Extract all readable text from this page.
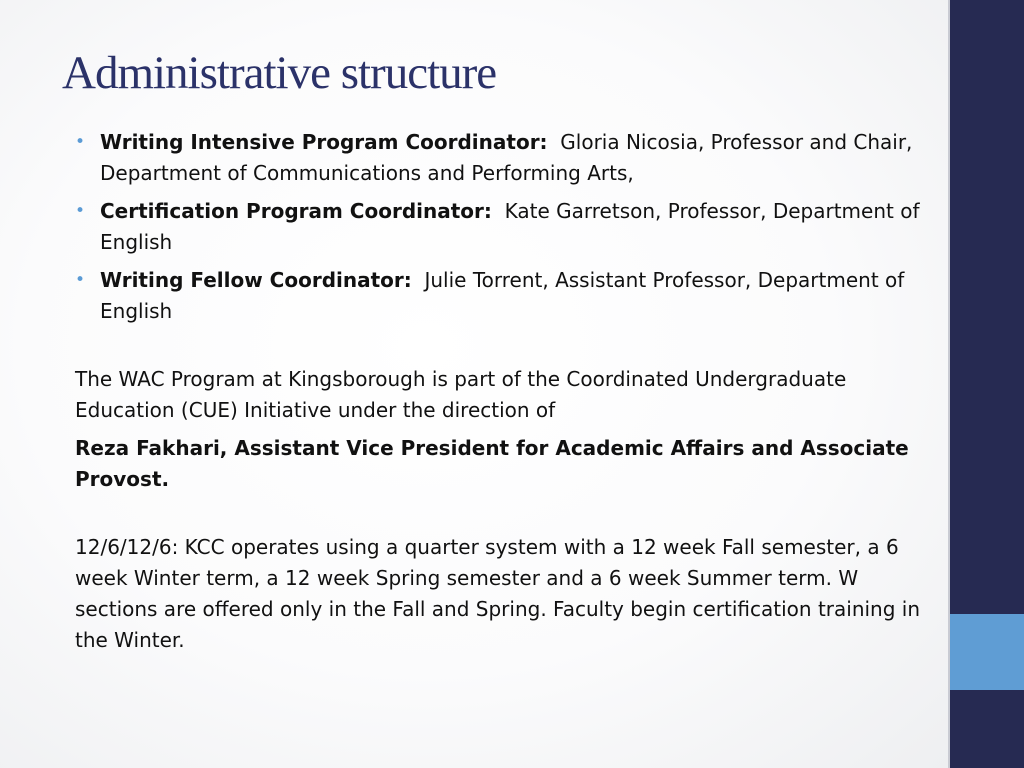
Administrative structure
• Writing Intensive Program Coordinator: Gloria Nicosia, Professor and Chair, Department of Communications and Performing Arts,
• Certification Program Coordinator: Kate Garretson, Professor, Department of English
• Writing Fellow Coordinator: Julie Torrent, Assistant Professor, Department of English

The WAC Program at Kingsborough is part of the Coordinated Undergraduate Education (CUE) Initiative under the direction of

Reza Fakhari, Assistant Vice President for Academic Affairs and Associate Provost.

12/6/12/6: KCC operates using a quarter system with a 12 week Fall semester, a 6 week Winter term, a 12 week Spring semester and a 6 week Summer term. W sections are offered only in the Fall and Spring. Faculty begin certification training in the Winter.
